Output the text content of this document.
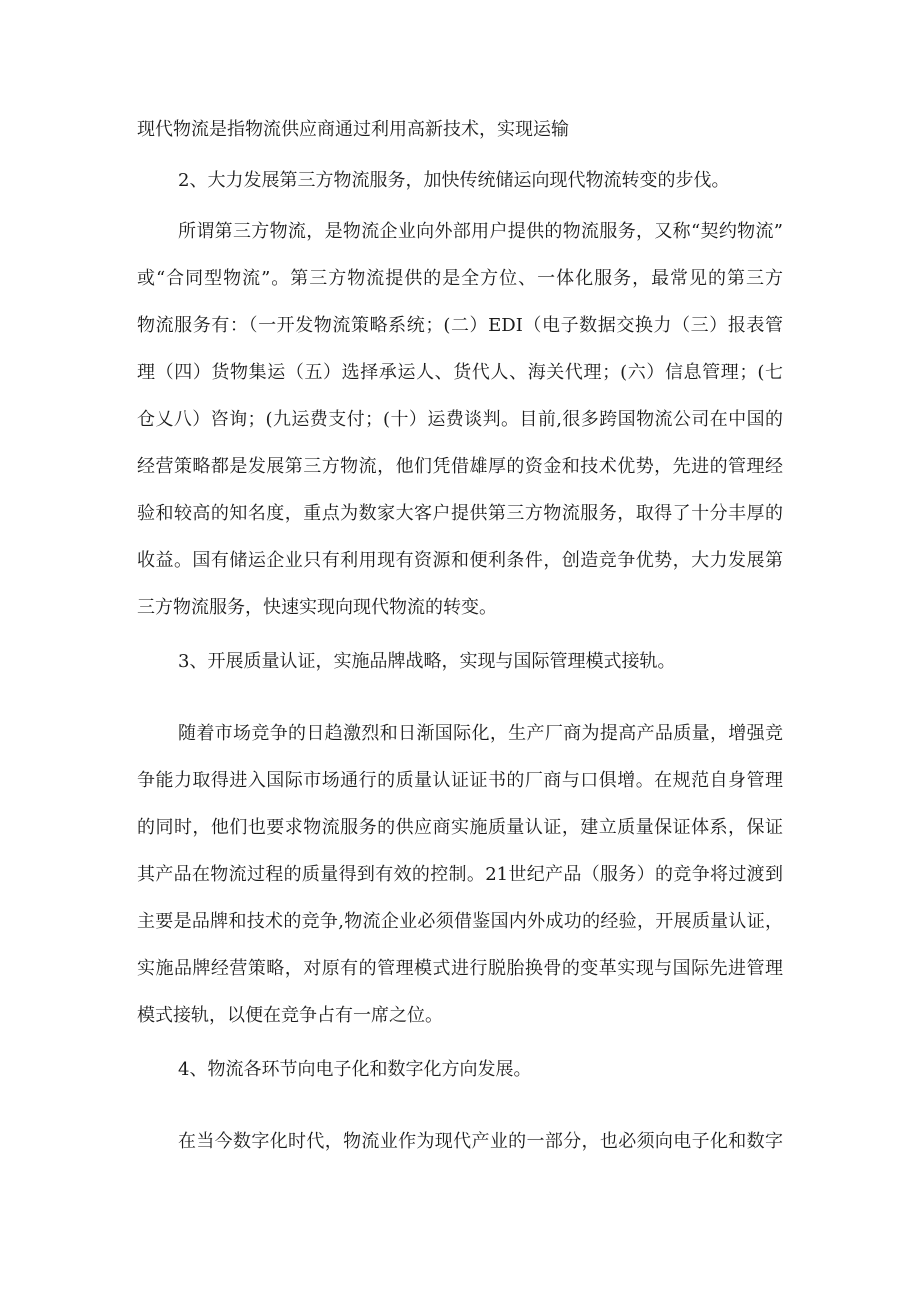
现代物流是指物流供应商通过利用高新技术，实现运输
2、大力发展第三方物流服务，加快传统储运向现代物流转变的步伐。
所谓第三方物流，是物流企业向外部用户提供的物流服务，又称“契约物流”
或“合同型物流”。第三方物流提供的是全方位、一体化服务，最常见的第三方
物流服务有：（一开发物流策略系统；(二）EDI（电子数据交换力（三）报表管
理（四）货物集运（五）选择承运人、货代人、海关代理；(六）信息管理；(七
仓乂八）咨询；(九运费支付；(十）运费谈判。目前,很多跨国物流公司在中国的
经营策略都是发展第三方物流，他们凭借雄厚的资金和技术优势，先进的管理经
验和较高的知名度，重点为数家大客户提供第三方物流服务，取得了十分丰厚的
收益。国有储运企业只有利用现有资源和便利条件，创造竞争优势，大力发展第
三方物流服务，快速实现向现代物流的转变。
3、开展质量认证，实施品牌战略，实现与国际管理模式接轨。
随着市场竞争的日趋激烈和日渐国际化，生产厂商为提高产品质量，增强竞
争能力取得进入国际市场通行的质量认证证书的厂商与口俱增。在规范自身管理
的同时，他们也要求物流服务的供应商实施质量认证，建立质量保证体系，保证
其产品在物流过程的质量得到有效的控制。21世纪产品（服务）的竞争将过渡到
主要是品牌和技术的竞争,物流企业必须借鉴国内外成功的经验，开展质量认证，
实施品牌经营策略，对原有的管理模式进行脱胎换骨的变革实现与国际先进管理
模式接轨，以便在竞争占有一席之位。
4、物流各环节向电子化和数字化方向发展。
在当今数字化时代，物流业作为现代产业的一部分，也必须向电子化和数字
